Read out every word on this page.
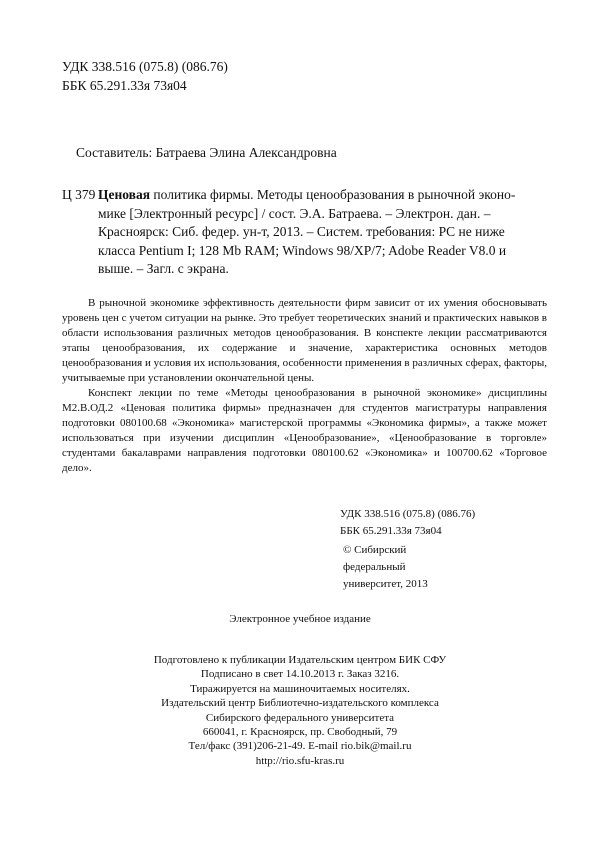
УДК 338.516 (075.8) (086.76)
ББК 65.291.33я 73я04
Составитель: Батраева Элина Александровна
Ц 379 Ценовая политика фирмы. Методы ценообразования в рыночной эконо-
мике [Электронный ресурс] / сост. Э.А. Батраева. – Электрон. дан. –
Красноярск: Сиб. федер. ун-т, 2013. – Систем. требования: PC не ниже
класса Pentium I; 128 Mb RAM; Windows 98/XP/7; Adobe Reader V8.0 и
выше. – Загл. с экрана.

В рыночной экономике эффективность деятельности фирм зависит от их умения обосновывать уровень цен с учетом ситуации на рынке. Это требует теоретических знаний и практических навыков в области использования различных методов ценообразования. В конспекте лекции рассматриваются этапы ценообразования, их содержание и значение, характеристика основных методов ценообразования и условия их использования, особенности применения в различных сферах, факторы, учитываемые при установлении окончательной цены.

Конспект лекции по теме «Методы ценообразования в рыночной экономике» дисциплины М2.В.ОД.2 «Ценовая политика фирмы» предназначен для студентов магистратуры направления подготовки 080100.68 «Экономика» магистерской программы «Экономика фирмы», а также может использоваться при изучении дисциплин «Ценообразование», «Ценообразование в торговле» студентами бакалаврами направления подготовки 080100.62 «Экономика» и 100700.62 «Торговое дело».

УДК 338.516 (075.8) (086.76)
ББК 65.291.33я 73я04
© Сибирский
федеральный
университет, 2013
Электронное учебное издание
Подготовлено к публикации Издательским центром БИК СФУ
Подписано в свет 14.10.2013 г. Заказ 3216.
Тиражируется на машиночитаемых носителях.
Издательский центр Библиотечно-издательского комплекса
Сибирского федерального университета
660041, г. Красноярск, пр. Свободный, 79
Тел/факс (391)206-21-49. E-mail rio.bik@mail.ru
http://rio.sfu-kras.ru
